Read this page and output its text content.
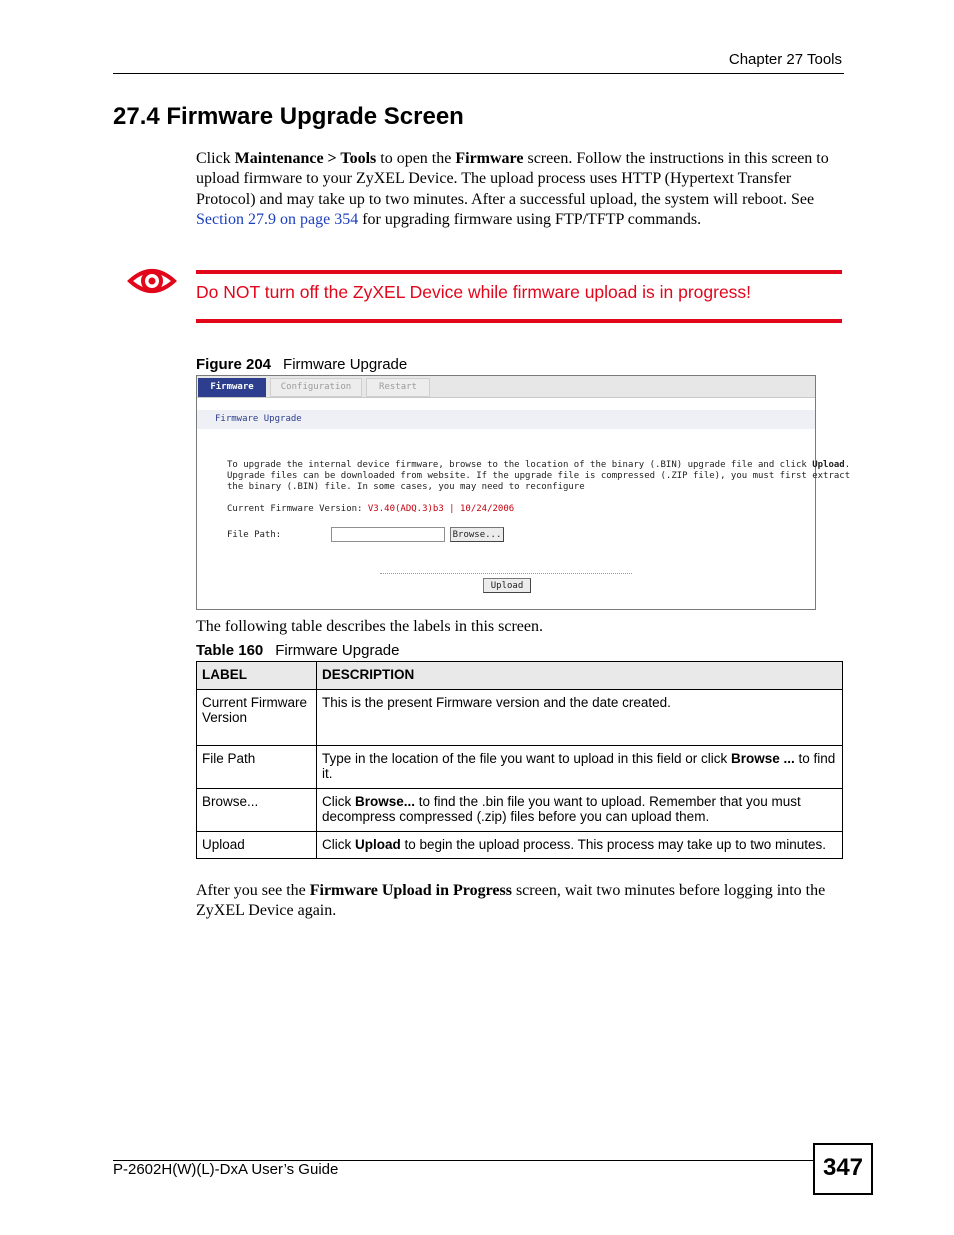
Chapter 27 Tools
27.4 Firmware Upgrade Screen
Click Maintenance > Tools to open the Firmware screen. Follow the instructions in this screen to upload firmware to your ZyXEL Device. The upload process uses HTTP (Hypertext Transfer Protocol) and may take up to two minutes. After a successful upload, the system will reboot. See Section 27.9 on page 354 for upgrading firmware using FTP/TFTP commands.
Do NOT turn off the ZyXEL Device while firmware upload is in progress!
Figure 204 Firmware Upgrade
Firmware	Configuration	Restart
Firmware Upgrade
To upgrade the internal device firmware, browse to the location of the binary (.BIN) upgrade file and click Upload.
Upgrade files can be downloaded from website. If the upgrade file is compressed (.ZIP file), you must first extract
the binary (.BIN) file. In some cases, you may need to reconfigure
Current Firmware Version: V3.40(ADQ.3)b3 | 10/24/2006
File Path:	Browse...
Upload
The following table describes the labels in this screen.
Table 160 Firmware Upgrade
LABEL	DESCRIPTION
Current Firmware Version	This is the present Firmware version and the date created.
File Path	Type in the location of the file you want to upload in this field or click Browse ... to find it.
Browse...	Click Browse... to find the .bin file you want to upload. Remember that you must decompress compressed (.zip) files before you can upload them.
Upload	Click Upload to begin the upload process. This process may take up to two minutes.
After you see the Firmware Upload in Progress screen, wait two minutes before logging into the ZyXEL Device again.
P-2602H(W)(L)-DxA User’s Guide	347
